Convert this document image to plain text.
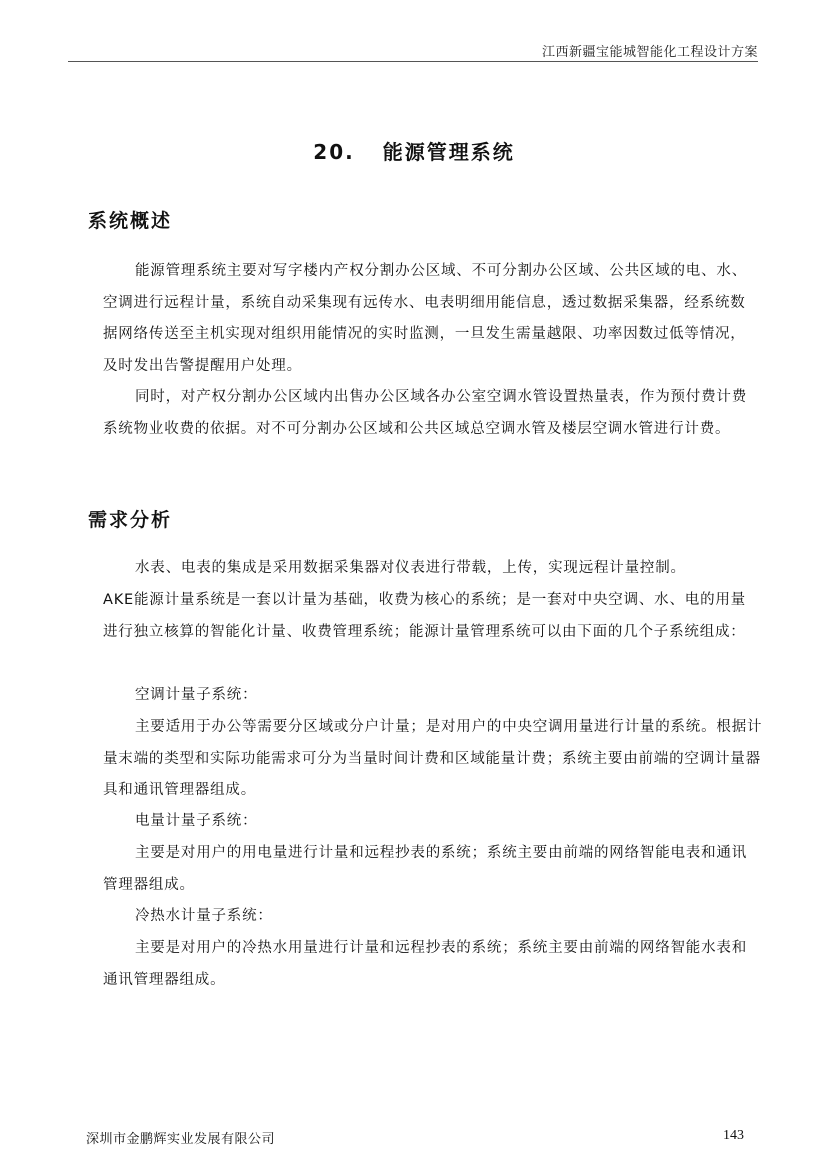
江西新疆宝能城智能化工程设计方案
20. 能源管理系统
系统概述

能源管理系统主要对写字楼内产权分割办公区域、不可分割办公区域、公共区域的电、水、空调进行远程计量，系统自动采集现有远传水、电表明细用能信息，透过数据采集器，经系统数据网络传送至主机实现对组织用能情况的实时监测，一旦发生需量越限、功率因数过低等情况，及时发出告警提醒用户处理。

同时，对产权分割办公区域内出售办公区域各办公室空调水管设置热量表，作为预付费计费系统物业收费的依据。对不可分割办公区域和公共区域总空调水管及楼层空调水管进行计费。

需求分析

水表、电表的集成是采用数据采集器对仪表进行带载，上传，实现远程计量控制。

AKE能源计量系统是一套以计量为基础，收费为核心的系统；是一套对中央空调、水、电的用量进行独立核算的智能化计量、收费管理系统；能源计量管理系统可以由下面的几个子系统组成：

空调计量子系统：

主要适用于办公等需要分区域或分户计量；是对用户的中央空调用量进行计量的系统。根据计量末端的类型和实际功能需求可分为当量时间计费和区域能量计费；系统主要由前端的空调计量器具和通讯管理器组成。

电量计量子系统：

主要是对用户的用电量进行计量和远程抄表的系统；系统主要由前端的网络智能电表和通讯管理器组成。

冷热水计量子系统：

主要是对用户的冷热水用量进行计量和远程抄表的系统；系统主要由前端的网络智能水表和通讯管理器组成。

深圳市金鹏辉实业发展有限公司	143
